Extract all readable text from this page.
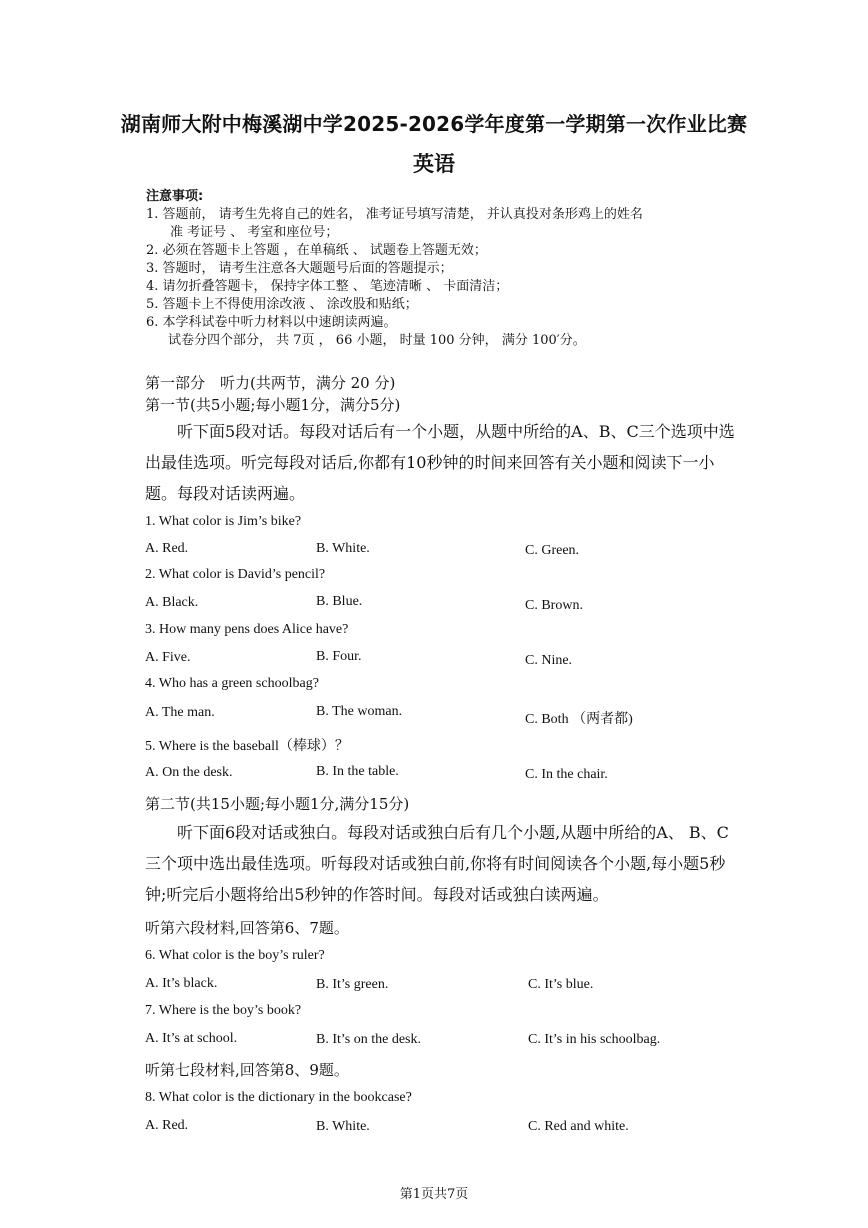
湖南师大附中梅溪湖中学2025-2026学年度第一学期第一次作业比赛
英语
注意事项:
1. 答题前， 请考生先将自己的姓名， 准考证号填写清楚， 并认真投对条形鸡上的姓名
准 考证号 、 考室和座位号；
2. 必须在答题卡上答题 ，在单稿纸 、 试题卷上答题无效；
3. 答题时， 请考生注意各大题题号后面的答题提示；
4. 请勿折叠答题卡， 保持字体工整 、 笔迹清晰 、 卡面清洁；
5. 答题卡上不得使用涂改液 、 涂改股和贴纸；
6. 本学科试卷中听力材料以中速朗读两遍。
试卷分四个部分， 共 7页 ， 66 小题， 时量 100 分钟， 满分 100′分。
第一部分　听力(共两节，满分 20 分)
第一节(共5小题;每小题1分，满分5分)
听下面5段对话。每段对话后有一个小题，从题中所给的A、B、C三个选项中选出最佳选项。听完每段对话后,你都有10秒钟的时间来回答有关小题和阅读下一小题。每段对话读两遍。
1. What color is Jim’s bike?
A. Red.	B. White.	C. Green.
2. What color is David’s pencil?
A. Black.	B. Blue.	C. Brown.
3. How many pens does Alice have?
A. Five.	B. Four.	C. Nine.
4. Who has a green schoolbag?
A. The man.	B. The woman.
C. Both （两者都)
5. Where is the baseball（棒球）？
A. On the desk.	B. In the table.	C. In the chair.
第二节(共15小题;每小题1分,满分15分)
听下面6段对话或独白。每段对话或独白后有几个小题,从题中所给的A、 B、C 三个项中选出最佳选项。听每段对话或独白前,你将有时间阅读各个小题,每小题5秒钟;听完后小题将给出5秒钟的作答时间。每段对话或独白读两遍。
听第六段材料,回答第6、7题。
6. What color is the boy’s ruler?
A. It’s black.	B. It’s green.	C. It’s blue.
7. Where is the boy’s book?
A. It’s at school.	B. It’s on the desk.	C. It’s in his schoolbag.
听第七段材料,回答第8、9题。
8. What color is the dictionary in the bookcase?
A. Red.	B. White.	C. Red and white.
第1页共7页
